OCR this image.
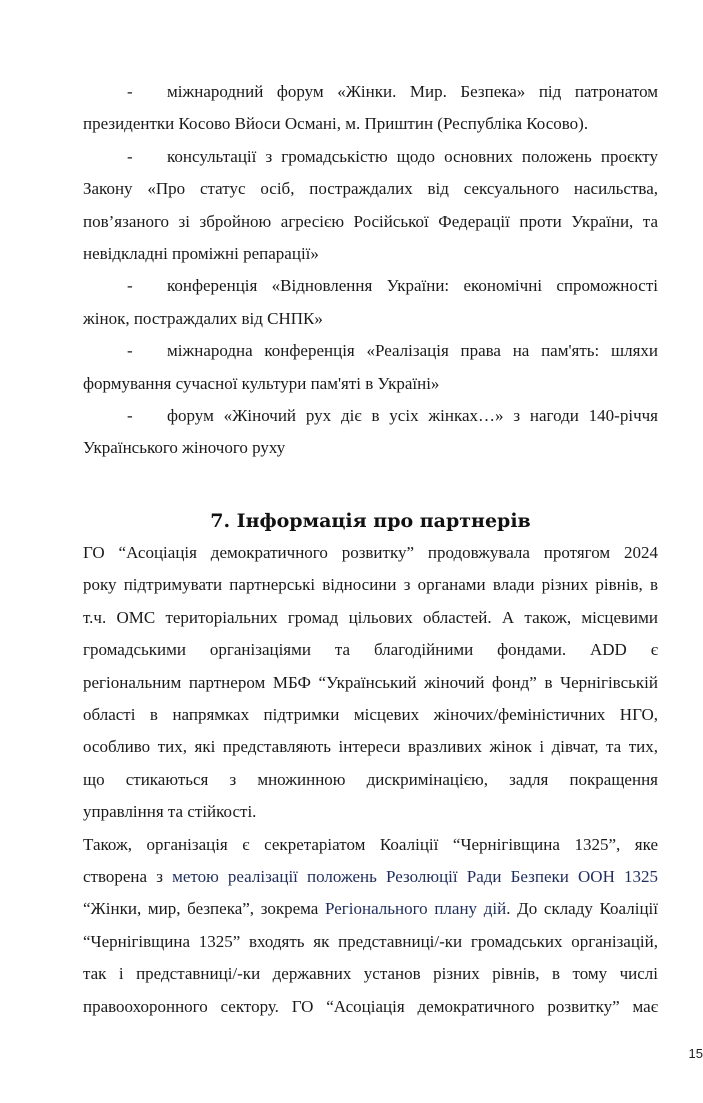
-	міжнародний форум «Жінки. Мир. Безпека» під патронатом
президентки Косово Вйоси Османі, м. Приштин (Республіка Косово).
-	консультації з громадськістю щодо основних положень проєкту
Закону «Про статус осіб, постраждалих від сексуального насильства,
пов’язаного зі збройною агресією Російської Федерації проти України, та
невідкладні проміжні репарації»
-	конференція «Відновлення України: економічні спроможності
жінок, постраждалих від СНПК»
-	міжнародна конференція «Реалізація права на пам'ять: шляхи
формування сучасної культури пам'яті в Україні»
-	форум «Жіночий рух діє в усіх жінках…» з нагоди 140-річчя
Українського жіночого руху
7. Інформація про партнерів
ГО “Асоціація демократичного розвитку” продовжувала протягом 2024
року підтримувати партнерські відносини з органами влади різних рівнів, в
т.ч. ОМС територіальних громад цільових областей. А також, місцевими
громадськими організаціями та благодійними фондами. ADD є
регіональним партнером МБФ “Український жіночий фонд” в Чернігівській
області в напрямках підтримки місцевих жіночих/феміністичних НГО,
особливо тих, які представляють інтереси вразливих жінок і дівчат, та тих,
що стикаються з множинною дискримінацією, задля покращення
управління та стійкості.
Також, організація є секретаріатом Коаліції “Чернігівщина 1325”, яке
створена з метою реалізації положень Резолюції Ради Безпеки ООН 1325
“Жінки, мир, безпека”, зокрема Регіонального плану дій. До складу Коаліції
“Чернігівщина 1325” входять як представниці/-ки громадських організацій,
так і представниці/-ки державних установ різних рівнів, в тому числі
правоохоронного сектору. ГО “Асоціація демократичного розвитку” має
15
